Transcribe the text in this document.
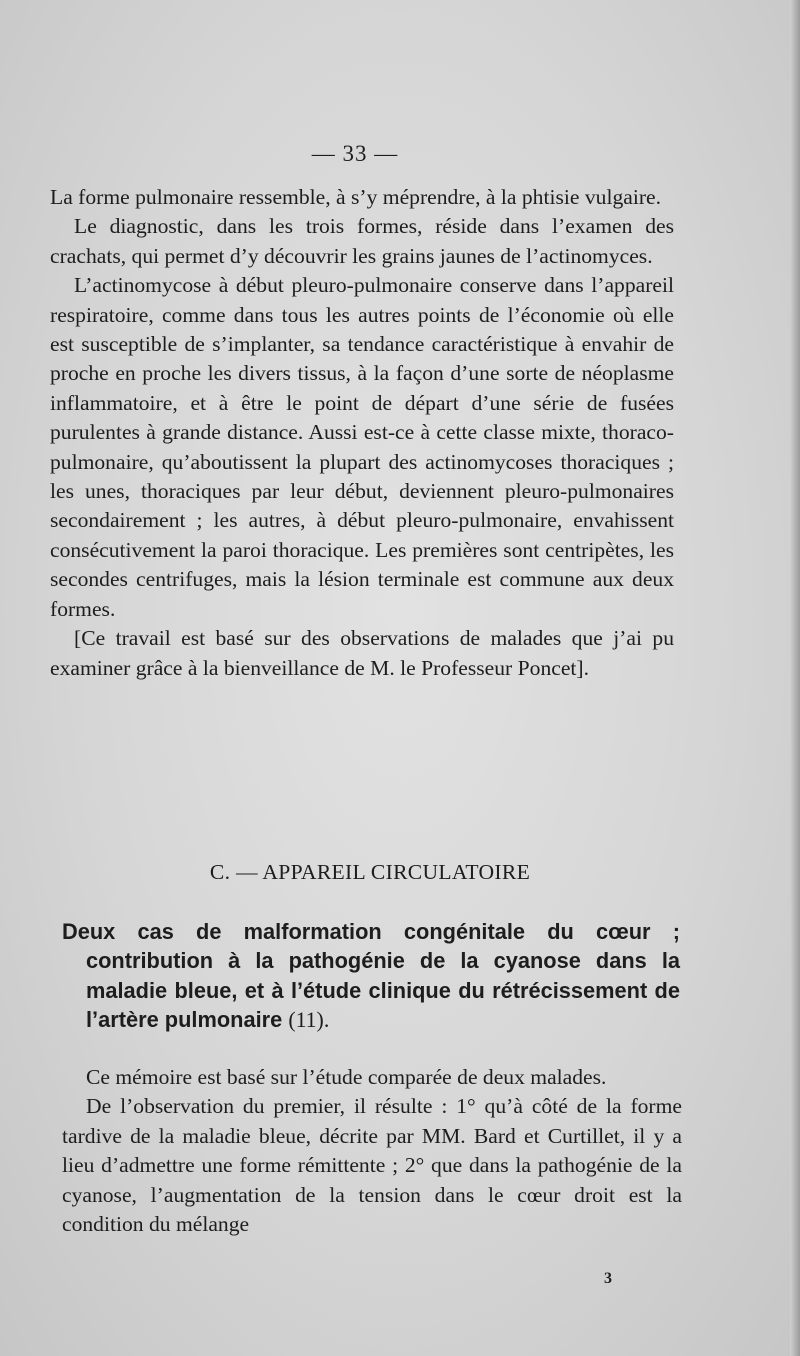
— 33 —

La forme pulmonaire ressemble, à s’y méprendre, à la phtisie vulgaire.

Le diagnostic, dans les trois formes, réside dans l’examen des crachats, qui permet d’y découvrir les grains jaunes de l’actinomyces.

L’actinomycose à début pleuro-pulmonaire conserve dans l’appareil respiratoire, comme dans tous les autres points de l’économie où elle est susceptible de s’implanter, sa tendance caractéristique à envahir de proche en proche les divers tissus, à la façon d’une sorte de néoplasme inflammatoire, et à être le point de départ d’une série de fusées purulentes à grande distance. Aussi est-ce à cette classe mixte, thoraco-pulmonaire, qu’aboutissent la plupart des actinomycoses thoraciques ; les unes, thoraciques par leur début, deviennent pleuro-pulmonaires secondairement ; les autres, à début pleuro-pulmonaire, envahissent consécutivement la paroi thoracique. Les premières sont centripètes, les secondes centrifuges, mais la lésion terminale est commune aux deux formes.

[Ce travail est basé sur des observations de malades que j’ai pu examiner grâce à la bienveillance de M. le Professeur Poncet].

C. — APPAREIL CIRCULATOIRE
Deux cas de malformation congénitale du cœur ; contribution à la pathogénie de la cyanose dans la maladie bleue, et à l’étude clinique du rétrécissement de l’artère pulmonaire (11).

Ce mémoire est basé sur l’étude comparée de deux malades.

De l’observation du premier, il résulte : 1° qu’à côté de la forme tardive de la maladie bleue, décrite par MM. Bard et Curtillet, il y a lieu d’admettre une forme rémittente ; 2° que dans la pathogénie de la cyanose, l’augmentation de la tension dans le cœur droit est la condition du mélange

3
